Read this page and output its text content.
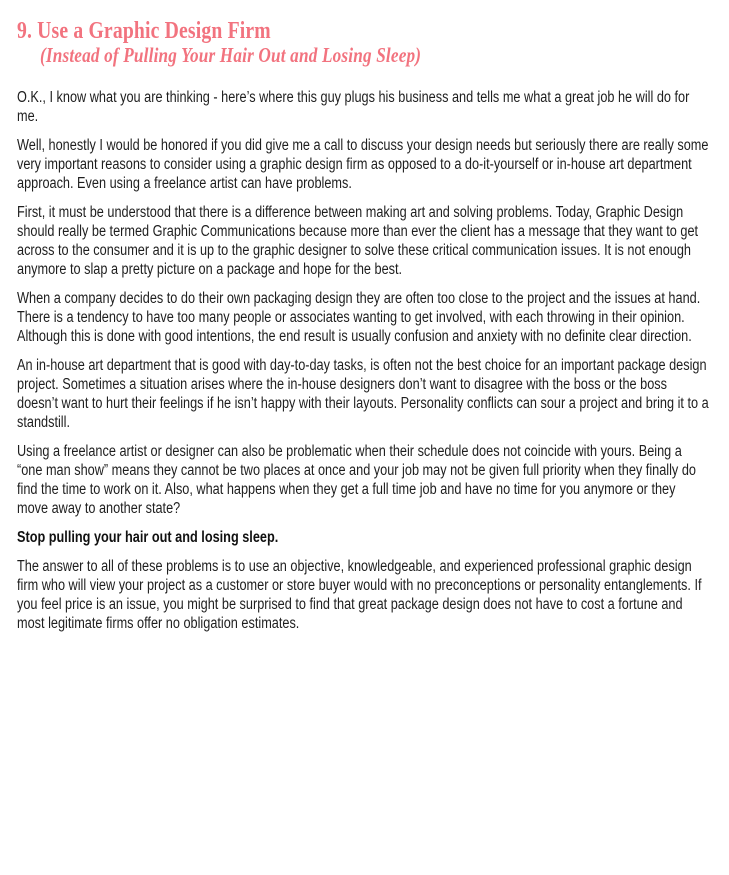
9. Use a Graphic Design Firm
(Instead of Pulling Your Hair Out and Losing Sleep)

O.K., I know what you are thinking - here’s where this guy plugs his business and tells me what a great job he will do for me.

Well, honestly I would be honored if you did give me a call to discuss your design needs but seriously there are really some very important reasons to consider using a graphic design firm as opposed to a do-it-yourself or in-house art department approach. Even using a freelance artist can have problems.

First, it must be understood that there is a difference between making art and solving problems. Today, Graphic Design should really be termed Graphic Communications because more than ever the client has a message that they want to get across to the consumer and it is up to the graphic designer to solve these critical communication issues. It is not enough anymore to slap a pretty picture on a package and hope for the best.

When a company decides to do their own packaging design they are often too close to the project and the issues at hand. There is a tendency to have too many people or associates wanting to get involved, with each throwing in their opinion. Although this is done with good intentions, the end result is usually confusion and anxiety with no definite clear direction.

An in-house art department that is good with day-to-day tasks, is often not the best choice for an important package design project. Sometimes a situation arises where the in-house designers don’t want to disagree with the boss or the boss doesn’t want to hurt their feelings if he isn’t happy with their layouts. Personality conflicts can sour a project and bring it to a standstill.

Using a freelance artist or designer can also be problematic when their schedule does not coincide with yours. Being a “one man show” means they cannot be two places at once and your job may not be given full priority when they finally do find the time to work on it. Also, what happens when they get a full time job and have no time for you anymore or they move away to another state?

Stop pulling your hair out and losing sleep.

The answer to all of these problems is to use an objective, knowledgeable, and experienced professional graphic design firm who will view your project as a customer or store buyer would with no preconceptions or personality entanglements. If you feel price is an issue, you might be surprised to find that great package design does not have to cost a fortune and most legitimate firms offer no obligation estimates.
